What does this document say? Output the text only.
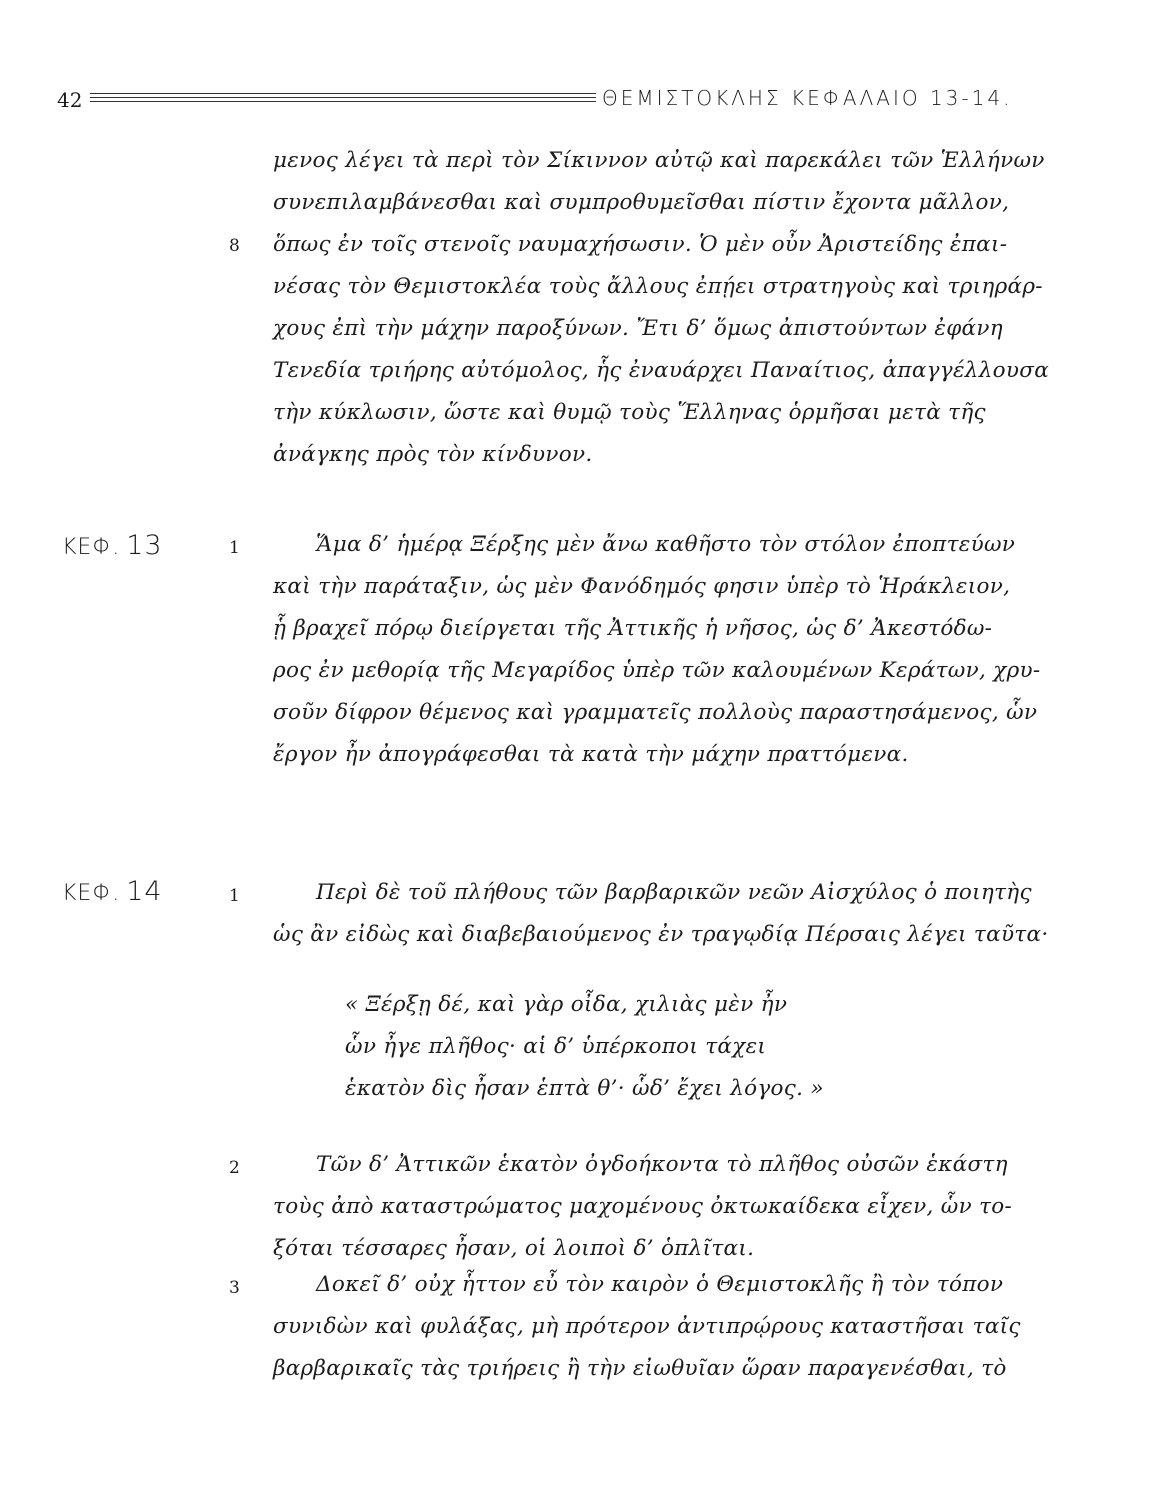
42	ΘΕΜΙΣΤΟΚΛΗΣ ΚΕΦΑΛΑΙΟ 13-14.
μενος λέγει τὰ περὶ τὸν Σίκιννον αὐτῷ καὶ παρεκάλει τῶν Ἑλλήνων
συνεπιλαμβάνεσθαι καὶ συμπροθυμεῖσθαι πίστιν ἔχοντα μᾶλλον,
8 ὅπως ἐν τοῖς στενοῖς ναυμαχήσωσιν. Ὁ μὲν οὖν Ἀριστείδης ἐπαι-
νέσας τὸν Θεμιστοκλέα τοὺς ἄλλους ἐπῄει στρατηγοὺς καὶ τριηράρ-
χους ἐπὶ τὴν μάχην παροξύνων. Ἔτι δ’ ὅμως ἀπιστούντων ἐφάνη
Τενεδία τριήρης αὐτόμολος, ἧς ἐναυάρχει Παναίτιος, ἀπαγγέλλουσα
τὴν κύκλωσιν, ὥστε καὶ θυμῷ τοὺς Ἕλληνας ὁρμῆσαι μετὰ τῆς
ἀνάγκης πρὸς τὸν κίνδυνον.
ΚΕΦ. 13	1	Ἅμα δ’ ἡμέρᾳ Ξέρξης μὲν ἄνω καθῆστο τὸν στόλον ἐποπτεύων
καὶ τὴν παράταξιν, ὡς μὲν Φανόδημός φησιν ὑπὲρ τὸ Ἡράκλειον,
ᾗ βραχεῖ πόρῳ διείργεται τῆς Ἀττικῆς ἡ νῆσος, ὡς δ’ Ἀκεστόδω-
ρος ἐν μεθορίᾳ τῆς Μεγαρίδος ὑπὲρ τῶν καλουμένων Κεράτων, χρυ-
σοῦν δίφρον θέμενος καὶ γραμματεῖς πολλοὺς παραστησάμενος, ὧν
ἔργον ἦν ἀπογράφεσθαι τὰ κατὰ τὴν μάχην πραττόμενα.
ΚΕΦ. 14	1	Περὶ δὲ τοῦ πλήθους τῶν βαρβαρικῶν νεῶν Αἰσχύλος ὁ ποιητὴς
ὡς ἂν εἰδὼς καὶ διαβεβαιούμενος ἐν τραγῳδίᾳ Πέρσαις λέγει ταῦτα·
« Ξέρξῃ δέ, καὶ γὰρ οἶδα, χιλιὰς μὲν ἦν
ὧν ἦγε πλῆθος· αἱ δ’ ὑπέρκοποι τάχει
ἑκατὸν δὶς ἦσαν ἑπτὰ θ’· ὧδ’ ἔχει λόγος. »
2	Τῶν δ’ Ἀττικῶν ἑκατὸν ὀγδοήκοντα τὸ πλῆθος οὐσῶν ἑκάστη
τοὺς ἀπὸ καταστρώματος μαχομένους ὀκτωκαίδεκα εἶχεν, ὧν το-
ξόται τέσσαρες ἦσαν, οἱ λοιποὶ δ’ ὁπλῖται.
3	Δοκεῖ δ’ οὐχ ἧττον εὖ τὸν καιρὸν ὁ Θεμιστοκλῆς ἢ τὸν τόπον
συνιδὼν καὶ φυλάξας, μὴ πρότερον ἀντιπρῴρους καταστῆσαι ταῖς
βαρβαρικαῖς τὰς τριήρεις ἢ τὴν εἰωθυῖαν ὥραν παραγενέσθαι, τὸ
